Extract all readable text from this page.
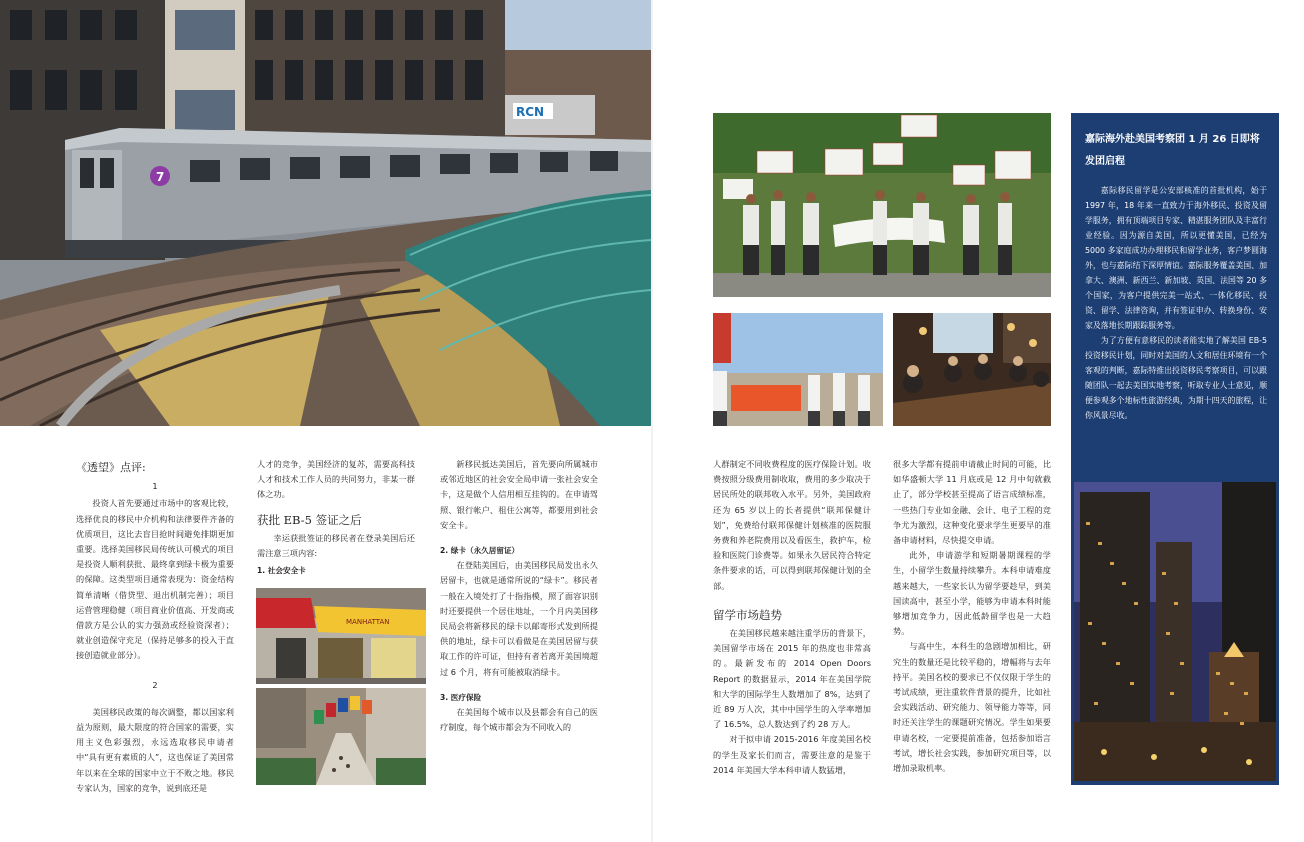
RCN
7

《透望》点评:

1

投资人首先要通过市场中的客观比较，选择优良的移民中介机构和法律要件齐备的优质项目，这比去盲目抢时间避免排期更加重要。选择美国移民局传统认可模式的项目是投资人顺利获批、最终拿到绿卡极为重要的保障。这类型项目通常表现为：资金结构简单清晰（借贷型、退出机制完善）；项目运营管理稳健（项目商业价值高、开发商或借款方是公认的实力强劲或经验资深者）；就业创造保守充足（保持足够多的投入于直接创造就业部分）。

2

美国移民政策的每次调整，都以国家利益为原则，最大限度的符合国家的需要，实用主义色彩强烈，永远选取移民申请者中“具有更有素质的人”，这也保证了美国常年以来在全球的国家中立于不败之地。移民专家认为，国家的竞争，说到底还是

人才的竞争，美国经济的复苏，需要高科技人才和技术工作人员的共同努力，非某一群体之功。

获批 EB-5 签证之后

幸运获批签证的移民者在登录美国后还需注意三项内容:

1. 社会安全卡

MANHATTAN

新移民抵达美国后，首先要向所属城市或邻近地区的社会安全局申请一张社会安全卡，这是做个人信用相互挂钩的。在申请驾照、银行帐户、租住公寓等，都要用到社会安全卡。

2. 绿卡（永久居留证）

在登陆美国后，由美国移民局发出永久居留卡，也就是通常所说的“绿卡”。移民者一般在入境处打了十指指模，照了面容识别时还要提供一个居住地址，一个月内美国移民局会将新移民的绿卡以邮寄形式发到所提供的地址，绿卡可以看做是在美国居留与获取工作的许可证，但持有者若离开美国境超过 6 个月，将有可能被取消绿卡。

3. 医疗保险

在美国每个城市以及县都会有自己的医疗制度，每个城市都会为不同收入的

人群制定不同收费程度的医疗保险计划。收费按照分级费用制收取，费用的多少取决于居民所处的联邦收入水平。另外，美国政府还为 65 岁以上的长者提供“联邦保健计划”，免费给付联邦保健计划核准的医院服务费和养老院费用以及看医生，救护车，检验和医院门诊费等。如果永久居民符合特定条件要求的话，可以得到联邦保健计划的全部。

留学市场趋势

在美国移民越来越注重学历的背景下，美国留学市场在 2015 年的热度也非常高的。最新发布的 2014 Open Doors Report 的数据显示，2014 年在美国学院和大学的国际学生人数增加了 8%，达到了近 89 万人次，其中中国学生的入学率增加了 16.5%，总人数达到了约 28 万人。

对于拟申请 2015-2016 年度美国名校的学生及家长们而言，需要注意的是鉴于 2014 年美国大学本科申请人数猛增，

很多大学都有提前申请截止时间的可能，比如华盛顿大学 11 月底或是 12 月中旬就截止了，部分学校甚至提高了语言成绩标准，一些热门专业如金融、会计、电子工程的竞争尤为激烈，这种变化要求学生更要早的准备申请材料，尽快提交申请。

此外，申请游学和短期暑期课程的学生，小留学生数量持续攀升。本科申请难度越来越大，一些家长认为留学要趁早，到美国读高中，甚至小学，能够为申请本科时能够增加竞争力，因此低龄留学也是一大趋势。

与高中生，本科生的急剧增加相比，研究生的数量还是比较平稳的，增幅将与去年持平。美国名校的要求已不仅仅限于学生的考试成绩，更注重软件背景的提升，比如社会实践活动、研究能力、领导能力等等，同时还关注学生的课题研究情况。学生如果要申请名校，一定要提前准备，包括参加语言考试，增长社会实践，参加研究项目等，以增加录取机率。

嘉际海外赴美国考察团 1 月 26 日即将发团启程

嘉际移民留学是公安部核准的首批机构，始于 1997 年，18 年来一直致力于海外移民、投资及留学服务，拥有顶端项目专家、精湛服务团队及丰富行业经验。因为源自美国，所以更懂美国，已经为 5000 多家庭成功办理移民和留学业务，客户梦圆海外，也与嘉际结下深厚情谊。嘉际服务覆盖美国、加拿大、澳洲、新西兰、新加坡、英国、法国等 20 多个国家，为客户提供完美一站式、一体化移民、投资、留学、法律咨询，并有签证申办、转换身份、安家及落地长期跟踪服务等。

为了方便有意移民的读者能实地了解美国 EB-5 投资移民计划，同时对美国的人文和居住环境有一个客观的判断，嘉际特推出投资移民考察项目，可以跟随团队一起去美国实地考察，听取专业人士意见，顺便参观多个地标性旅游经典，为期十四天的旅程，让你风景尽收。
